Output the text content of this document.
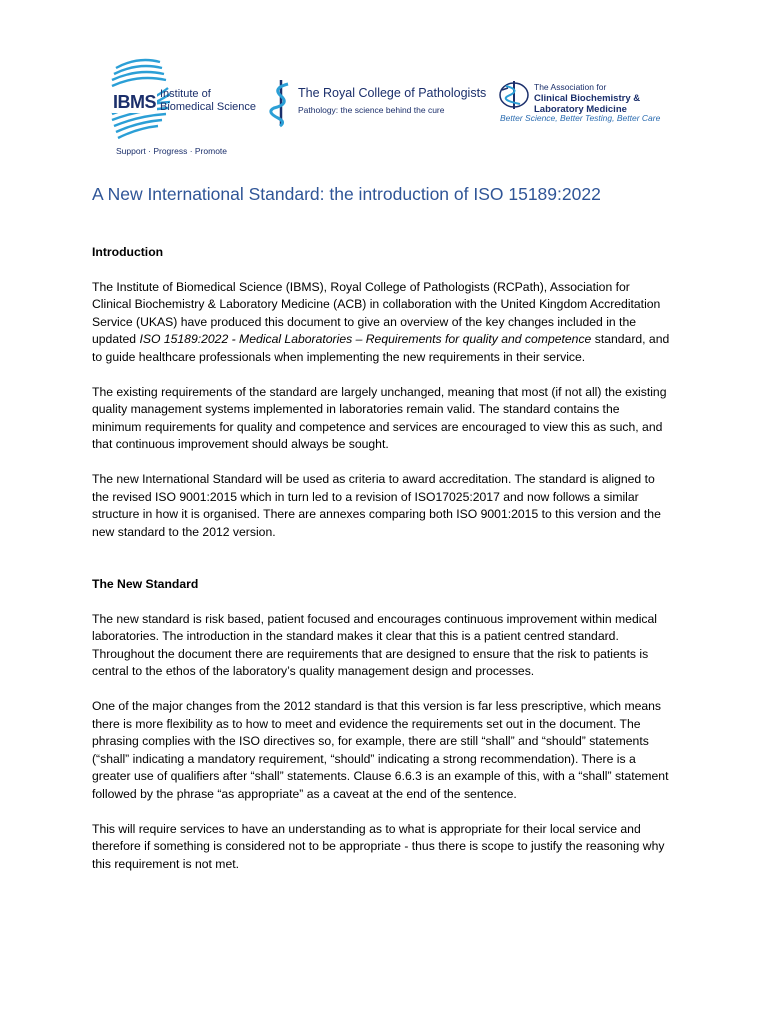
IBMS Institute of
Biomedical Science
Support · Progress · Promote
The Royal College of Pathologists
Pathology: the science behind the cure
The Association for
Clinical Biochemistry &
Laboratory Medicine
Better Science, Better Testing, Better Care
A New International Standard: the introduction of ISO 15189:2022
Introduction

The Institute of Biomedical Science (IBMS), Royal College of Pathologists (RCPath), Association for Clinical Biochemistry & Laboratory Medicine (ACB) in collaboration with the United Kingdom Accreditation Service (UKAS) have produced this document to give an overview of the key changes included in the updated ISO 15189:2022 - Medical Laboratories – Requirements for quality and competence standard, and to guide healthcare professionals when implementing the new requirements in their service.

The existing requirements of the standard are largely unchanged, meaning that most (if not all) the existing quality management systems implemented in laboratories remain valid. The standard contains the minimum requirements for quality and competence and services are encouraged to view this as such, and that continuous improvement should always be sought.

The new International Standard will be used as criteria to award accreditation. The standard is aligned to the revised ISO 9001:2015 which in turn led to a revision of ISO17025:2017 and now follows a similar structure in how it is organised. There are annexes comparing both ISO 9001:2015 to this version and the new standard to the 2012 version.

The New Standard

The new standard is risk based, patient focused and encourages continuous improvement within medical laboratories. The introduction in the standard makes it clear that this is a patient centred standard. Throughout the document there are requirements that are designed to ensure that the risk to patients is central to the ethos of the laboratory’s quality management design and processes.

One of the major changes from the 2012 standard is that this version is far less prescriptive, which means there is more flexibility as to how to meet and evidence the requirements set out in the document. The phrasing complies with the ISO directives so, for example, there are still “shall” and “should” statements (“shall” indicating a mandatory requirement, “should” indicating a strong recommendation). There is a greater use of qualifiers after “shall” statements. Clause 6.6.3 is an example of this, with a “shall” statement followed by the phrase “as appropriate” as a caveat at the end of the sentence.

This will require services to have an understanding as to what is appropriate for their local service and therefore if something is considered not to be appropriate - thus there is scope to justify the reasoning why this requirement is not met.
